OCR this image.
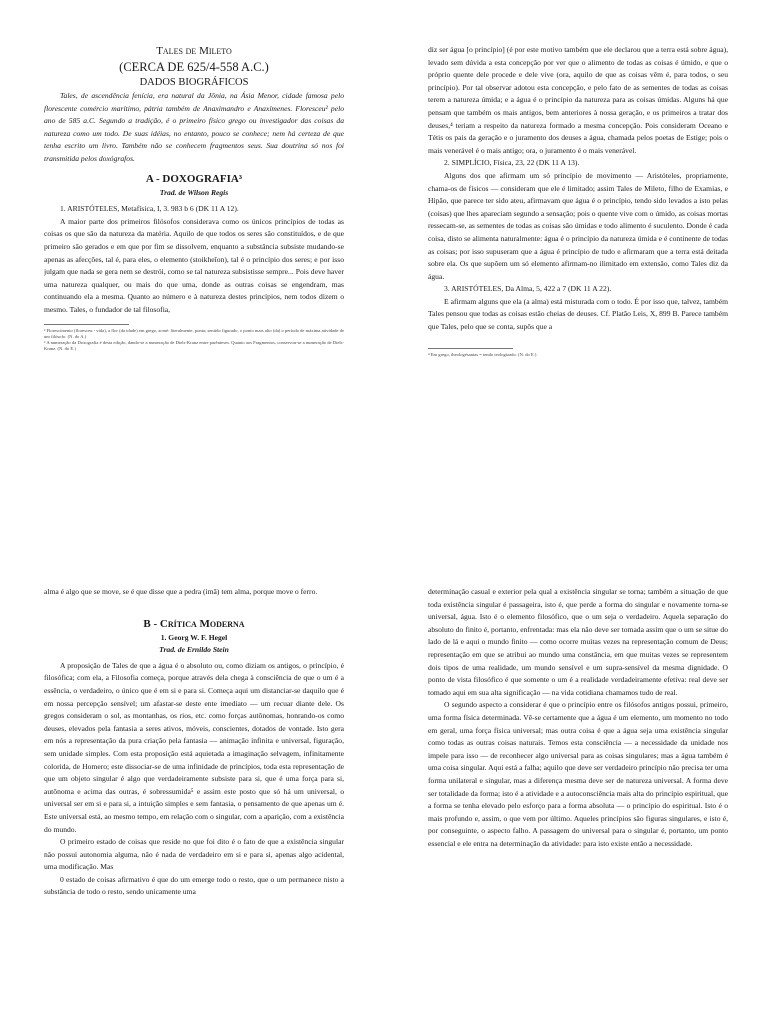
Tales de Mileto

(CERCA DE 625/4-558 A.C.)

DADOS BIOGRÁFICOS

Tales, de ascendência fenícia, era natural da Jônia, na Ásia Menor, cidade famosa pelo florescente comércio marítimo, pátria também de Anaximandro e Anaxímenes. Floresceu² pelo ano de 585 a.C. Segundo a tradição, é o primeiro físico grego ou investigador das coisas da natureza como um todo. De suas idéias, no entanto, pouco se conhece; nem há certeza de que tenha escrito um livro. Também não se conhecem fragmentos seus. Sua doutrina só nos foi transmitida pelos doxógrafos.

A - DOXOGRAFIA³

Trad. de Wilson Regis

1. ARISTÓTELES, Metafísica, I, 3. 983 b 6 (DK 11 A 12).

A maior parte dos primeiros filósofos considerava como os únicos princípios de todas as coisas os que são da natureza da matéria. Aquilo de que todos os seres são constituídos, e de que primeiro são gerados e em que por fim se dissolvem, enquanto a substância subsiste mudando-se apenas as afecções, tal é, para eles, o elemento (stoikheîon), tal é o princípio dos seres; e por isso julgam que nada se gera nem se destrói, como se tal natureza subsistisse sempre... Pois deve haver uma natureza qualquer, ou mais do que uma, donde as outras coisas se engendram, mas continuando ela a mesma. Quanto ao número e à natureza destes princípios, nem todos dizem o mesmo. Tales, o fundador de tal filosofia,

² Florescimento (floresceu - vida), a flor (da idade) em grego, acmé: literalmente, ponta; sentido figurado, o ponto mais alto (da) o período de máxima atividade de um filósofo. (N. do A.)

³ A numeração da Doxografia é desta edição, dando-se a numeração de Diels-Kranz entre parênteses. Quanto aos Fragmentos, conservou-se a numeração de Diels-Kranz. (N. do E.)

diz ser água [o princípio] (é por este motivo também que ele declarou que a terra está sobre água), levado sem dúvida a esta concepção por ver que o alimento de todas as coisas é úmido, e que o próprio quente dele procede e dele vive (ora, aquilo de que as coisas vêm é, para todos, o seu princípio). Por tal observar adotou esta concepção, e pelo fato de as sementes de todas as coisas terem a natureza úmida; e a água é o princípio da natureza para as coisas úmidas. Alguns há que pensam que também os mais antigos, bem anteriores à nossa geração, e os primeiros a tratar dos deuses,⁴ teriam a respeito da natureza formado a mesma concepção. Pois consideram Oceano e Tétis os pais da geração e o juramento dos deuses a água, chamada pelos poetas de Estige; pois o mais venerável é o mais antigo; ora, o juramento é o mais venerável.

2. SIMPLÍCIO, Física, 23, 22 (DK 11 A 13).

Alguns dos que afirmam um só princípio de movimento — Aristóteles, propriamente, chama-os de físicos — consideram que ele é limitado; assim Tales de Mileto, filho de Examias, e Hipão, que parece ter sido ateu, afirmavam que água é o princípio, tendo sido levados a isto pelas (coisas) que lhes apareciam segundo a sensação; pois o quente vive com o úmido, as coisas mortas ressecam-se, as sementes de todas as coisas são úmidas e todo alimento é suculento. Donde é cada coisa, disto se alimenta naturalmente: água é o princípio da natureza úmida e é continente de todas as coisas; por isso supuseram que a água é princípio de tudo e afirmaram que a terra está deitada sobre ela. Os que supõem um só elemento afirmam-no ilimitado em extensão, como Tales diz da água.

3. ARISTÓTELES, Da Alma, 5, 422 a 7 (DK 11 A 22).

E afirmam alguns que ela (a alma) está misturada com o todo. É por isso que, talvez, também Tales pensou que todas as coisas estão cheias de deuses. Cf. Platão Leis, X, 899 B. Parece também que Tales, pelo que se conta, supôs que a

⁴ Em grego, theologésantas = tendo teologizado. (N. do E.)

alma é algo que se move, se é que disse que a pedra (imã) tem alma, porque move o ferro.

B - Crítica Moderna

1. Georg W. F. Hegel

Trad. de Ernildo Stein

A proposição de Tales de que a água é o absoluto ou, como diziam os antigos, o princípio, é filosófica; com ela, a Filosofia começa, porque através dela chega à consciência de que o um é a essência, o verdadeiro, o único que é em si e para si. Começa aqui um distanciar-se daquilo que é em nossa percepção sensível; um afastar-se deste ente imediato — um recuar diante dele. Os gregos consideram o sol, as montanhas, os rios, etc. como forças autônomas, honrando-os como deuses, elevados pela fantasia a seres ativos, móveis, conscientes, dotados de vontade. Isto gera em nós a representação da pura criação pela fantasia — animação infinita e universal, figuração, sem unidade simples. Com esta proposição está aquietada a imaginação selvagem, infinitamente colorida, de Homero; este dissociar-se de uma infinidade de princípios, toda esta representação de que um objeto singular é algo que verdadeiramente subsiste para si, que é uma força para si, autônoma e acima das outras, é sobressumida⁵ e assim este posto que só há um universal, o universal ser em si e para si, a intuição simples e sem fantasia, o pensamento de que apenas um é. Este universal está, ao mesmo tempo, em relação com o singular, com a aparição, com a existência do mundo.

O primeiro estado de coisas que reside no que foi dito é o fato de que a existência singular não possui autonomia alguma, não é nada de verdadeiro em si e para si, apenas algo acidental, uma modificação. Mas

0 estado de coisas afirmativo é que do um emerge todo o resto, que o um permanece nisto a substância de todo o resto, sendo unicamente uma

determinação casual e exterior pela qual a existência singular se torna; também a situação de que toda existência singular é passageira, isto é, que perde a forma do singular e novamente torna-se universal, água. Isto é o elemento filosófico, que o um seja o verdadeiro. Aquela separação do absoluto do finito é, portanto, enfrentada: mas ela não deve ser tomada assim que o um se situe do lado de lá e aqui o mundo finito — como ocorre muitas vezes na representação comum de Deus; representação em que se atribui ao mundo uma constância, em que muitas vezes se representem dois tipos de uma realidade, um mundo sensível e um supra-sensível da mesma dignidade. O ponto de vista filosófico é que somente o um é a realidade verdadeiramente efetiva: real deve ser tomado aqui em sua alta significação — na vida cotidiana chamamos tudo de real.

O segundo aspecto a considerar é que o princípio entre os filósofos antigos possui, primeiro, uma forma física determinada. Vê-se certamente que a água é um elemento, um momento no todo em geral, uma força física universal; mas outra coisa é que a água seja uma existência singular como todas as outras coisas naturais. Temos esta consciência — a necessidade da unidade nos impele para isso — de reconhecer algo universal para as coisas singulares; mas a água também é uma coisa singular. Aqui está a falha; aquilo que deve ser verdadeiro princípio não precisa ter uma forma unilateral e singular, mas a diferença mesma deve ser de natureza universal. A forma deve ser totalidade da forma; isto é a atividade e a autoconsciência mais alta do princípio espiritual, que a forma se tenha elevado pelo esforço para a forma absoluta — o princípio do espiritual. Isto é o mais profundo e, assim, o que vem por último. Aqueles princípios são figuras singulares, e isto é, por conseguinte, o aspecto falho. A passagem do universal para o singular é, portanto, um ponto essencial e ele entra na determinação da atividade: para isto existe então a necessidade.
